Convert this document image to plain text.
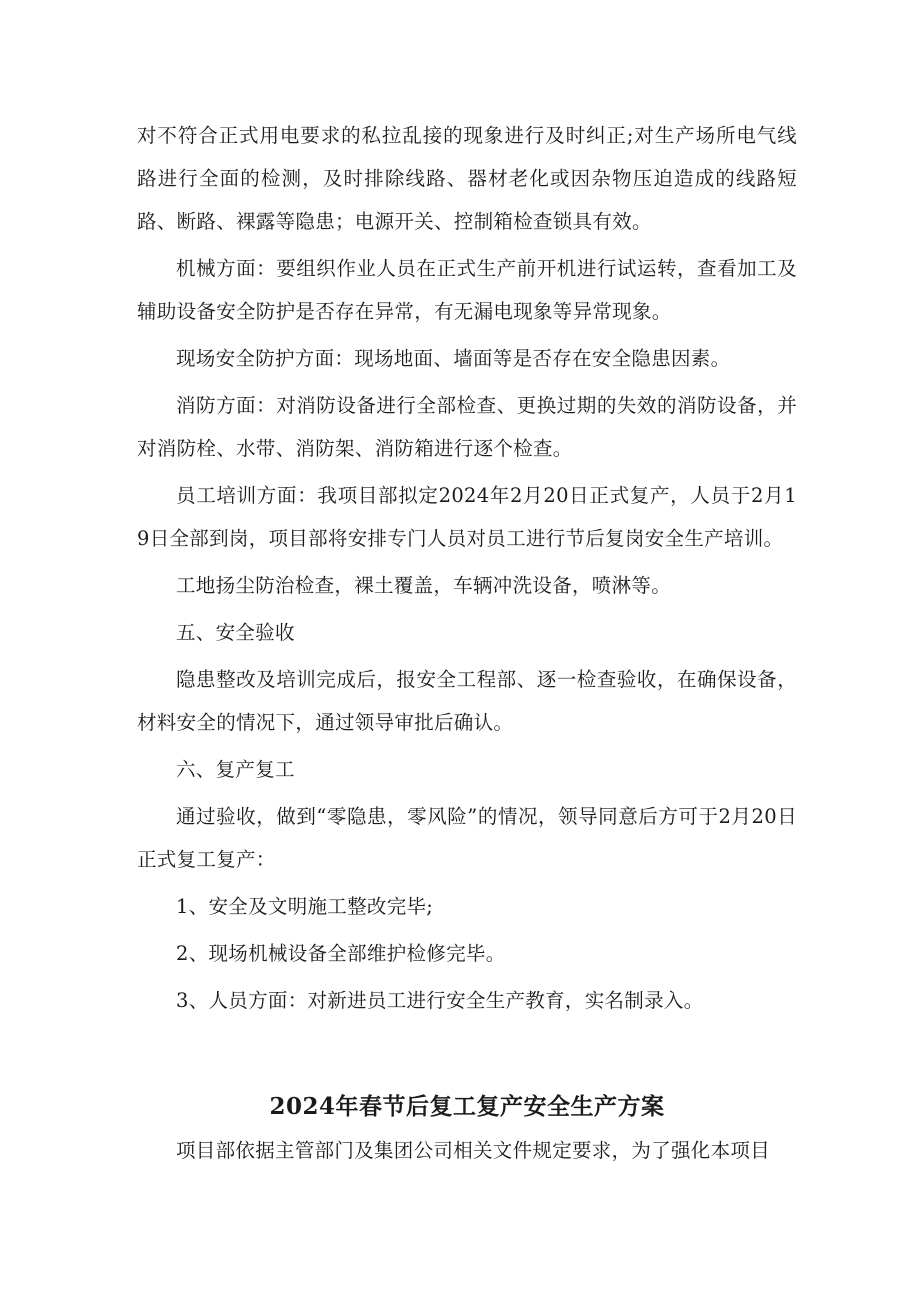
对不符合正式用电要求的私拉乱接的现象进行及时纠正;对生产场所电气线路进行全面的检测，及时排除线路、器材老化或因杂物压迫造成的线路短路、断路、裸露等隐患；电源开关、控制箱检查锁具有效。

机械方面：要组织作业人员在正式生产前开机进行试运转，查看加工及辅助设备安全防护是否存在异常，有无漏电现象等异常现象。

现场安全防护方面：现场地面、墙面等是否存在安全隐患因素。

消防方面：对消防设备进行全部检查、更换过期的失效的消防设备，并对消防栓、水带、消防架、消防箱进行逐个检查。

员工培训方面：我项目部拟定2024年2月20日正式复产，人员于2月19日全部到岗，项目部将安排专门人员对员工进行节后复岗安全生产培训。

工地扬尘防治检查，裸土覆盖，车辆冲洗设备，喷淋等。

五、安全验收

隐患整改及培训完成后，报安全工程部、逐一检查验收，在确保设备，材料安全的情况下，通过领导审批后确认。

六、复产复工

通过验收，做到“零隐患，零风险”的情况，领导同意后方可于2月20日正式复工复产：

1、安全及文明施工整改完毕;

2、现场机械设备全部维护检修完毕。

3、人员方面：对新进员工进行安全生产教育，实名制录入。

2024年春节后复工复产安全生产方案

项目部依据主管部门及集团公司相关文件规定要求，为了强化本项目
